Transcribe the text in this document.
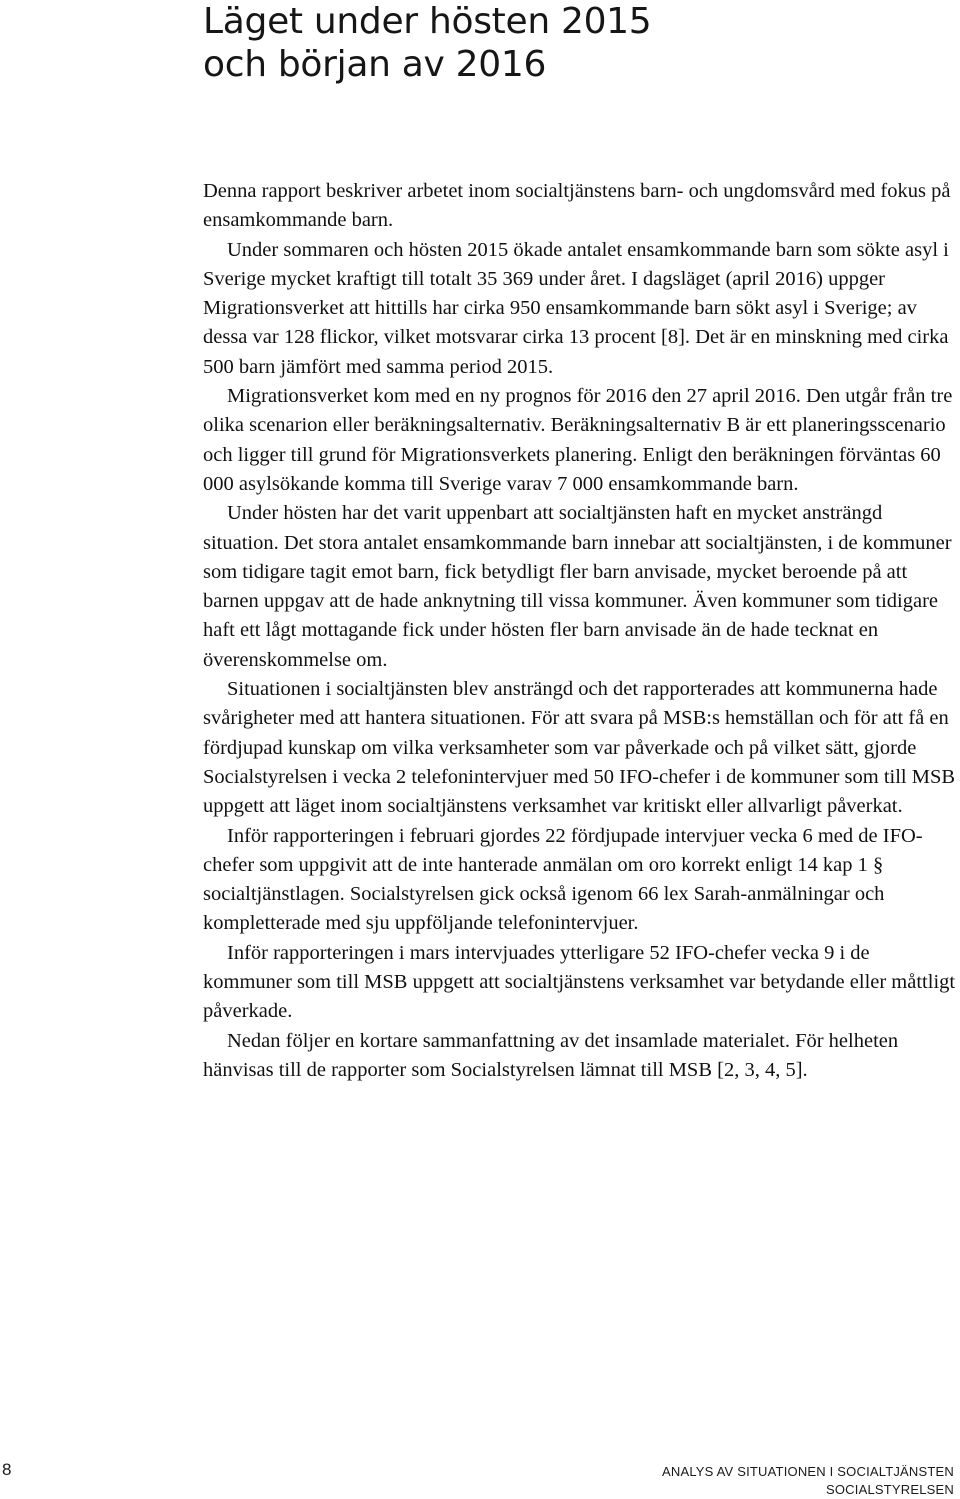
Läget under hösten 2015
och början av 2016

Denna rapport beskriver arbetet inom socialtjänstens barn- och ungdomsvård med fokus på ensamkommande barn.

Under sommaren och hösten 2015 ökade antalet ensamkommande barn som sökte asyl i Sverige mycket kraftigt till totalt 35 369 under året. I dagsläget (april 2016) uppger Migrationsverket att hittills har cirka 950 ensamkommande barn sökt asyl i Sverige; av dessa var 128 flickor, vilket motsvarar cirka 13 procent [8]. Det är en minskning med cirka 500 barn jämfört med samma period 2015.

Migrationsverket kom med en ny prognos för 2016 den 27 april 2016. Den utgår från tre olika scenarion eller beräkningsalternativ. Beräkningsalternativ B är ett planeringsscenario och ligger till grund för Migrationsverkets planering. Enligt den beräkningen förväntas 60 000 asylsökande komma till Sverige varav 7 000 ensamkommande barn.

Under hösten har det varit uppenbart att socialtjänsten haft en mycket ansträngd situation. Det stora antalet ensamkommande barn innebar att socialtjänsten, i de kommuner som tidigare tagit emot barn, fick betydligt fler barn anvisade, mycket beroende på att barnen uppgav att de hade anknytning till vissa kommuner. Även kommuner som tidigare haft ett lågt mottagande fick under hösten fler barn anvisade än de hade tecknat en överenskommelse om.

Situationen i socialtjänsten blev ansträngd och det rapporterades att kommunerna hade svårigheter med att hantera situationen. För att svara på MSB:s hemställan och för att få en fördjupad kunskap om vilka verksamheter som var påverkade och på vilket sätt, gjorde Socialstyrelsen i vecka 2 telefonintervjuer med 50 IFO-chefer i de kommuner som till MSB uppgett att läget inom socialtjänstens verksamhet var kritiskt eller allvarligt påverkat.

Inför rapporteringen i februari gjordes 22 fördjupade intervjuer vecka 6 med de IFO-chefer som uppgivit att de inte hanterade anmälan om oro korrekt enligt 14 kap 1 § socialtjänstlagen. Socialstyrelsen gick också igenom 66 lex Sarah-anmälningar och kompletterade med sju uppföljande telefonintervjuer.

Inför rapporteringen i mars intervjuades ytterligare 52 IFO-chefer vecka 9 i de kommuner som till MSB uppgett att socialtjänstens verksamhet var betydande eller måttligt påverkade.

Nedan följer en kortare sammanfattning av det insamlade materialet. För helheten hänvisas till de rapporter som Socialstyrelsen lämnat till MSB [2, 3, 4, 5].

8	ANALYS AV SITUATIONEN I SOCIALTJÄNSTEN
SOCIALSTYRELSEN
